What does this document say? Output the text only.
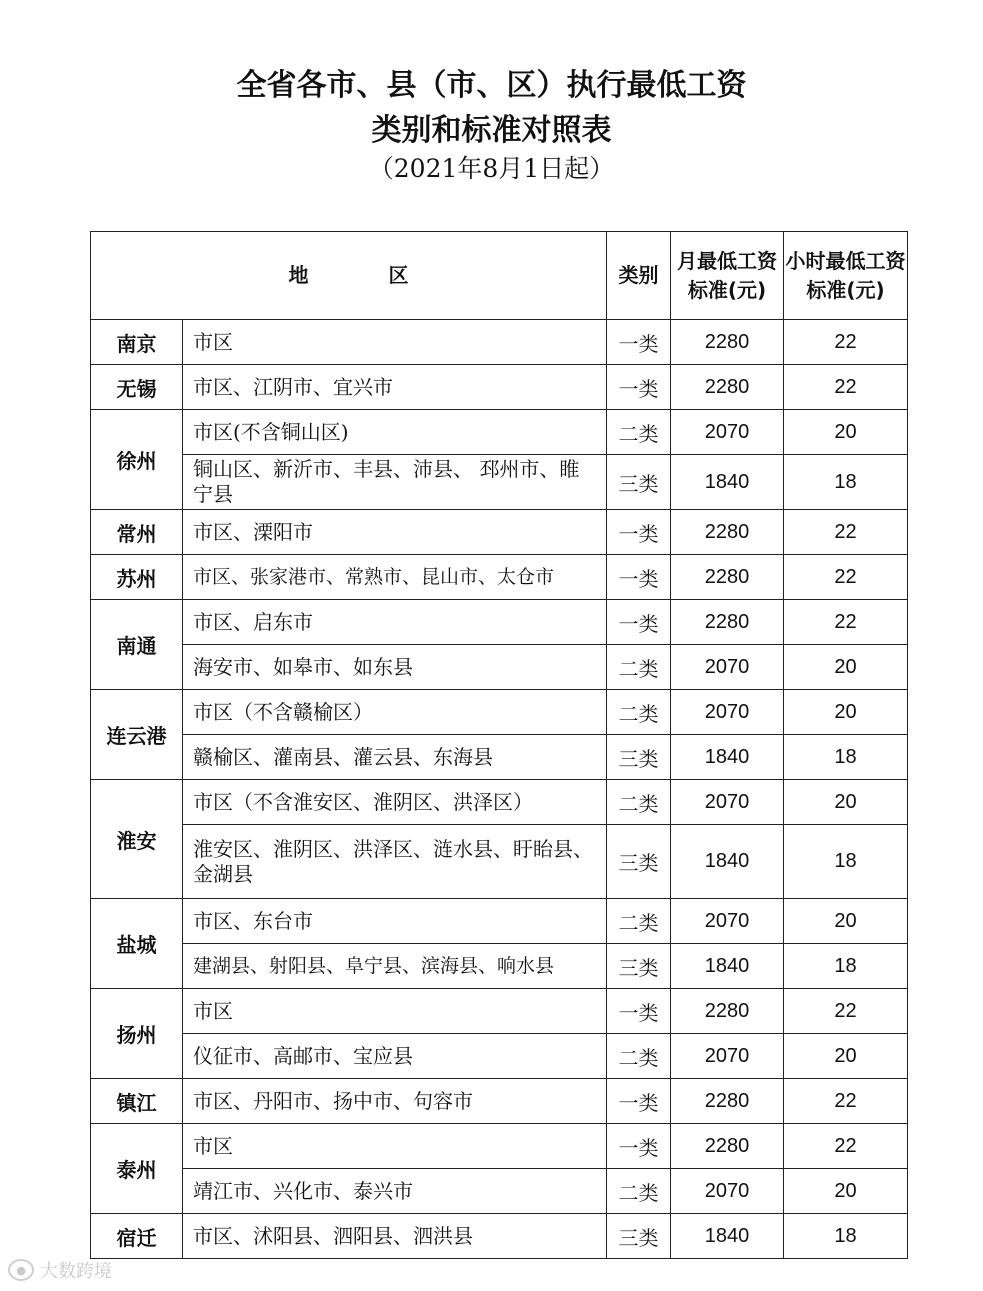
全省各市、县（市、区）执行最低工资
类别和标准对照表
（2021年8月1日起）
地　　　　区		类别	月最低工资标准(元)	小时最低工资标准(元)
南京	市区	一类	2280	22
无锡	市区、江阴市、宜兴市	一类	2280	22
徐州	市区(不含铜山区)	二类	2070	20
	铜山区、新沂市、丰县、沛县、 邳州市、睢宁县	三类	1840	18
常州	市区、溧阳市	一类	2280	22
苏州	市区、张家港市、常熟市、昆山市、太仓市	一类	2280	22
南通	市区、启东市	一类	2280	22
	海安市、如皋市、如东县	二类	2070	20
连云港	市区（不含赣榆区）	二类	2070	20
	赣榆区、灌南县、灌云县、东海县	三类	1840	18
淮安	市区（不含淮安区、淮阴区、洪泽区）	二类	2070	20
	淮安区、淮阴区、洪泽区、涟水县、盱眙县、金湖县	三类	1840	18
盐城	市区、东台市	二类	2070	20
	建湖县、射阳县、阜宁县、滨海县、响水县	三类	1840	18
扬州	市区	一类	2280	22
	仪征市、高邮市、宝应县	二类	2070	20
镇江	市区、丹阳市、扬中市、句容市	一类	2280	22
泰州	市区	一类	2280	22
	靖江市、兴化市、泰兴市	二类	2070	20
宿迁	市区、沭阳县、泗阳县、泗洪县	三类	1840	18
● 大数跨境
